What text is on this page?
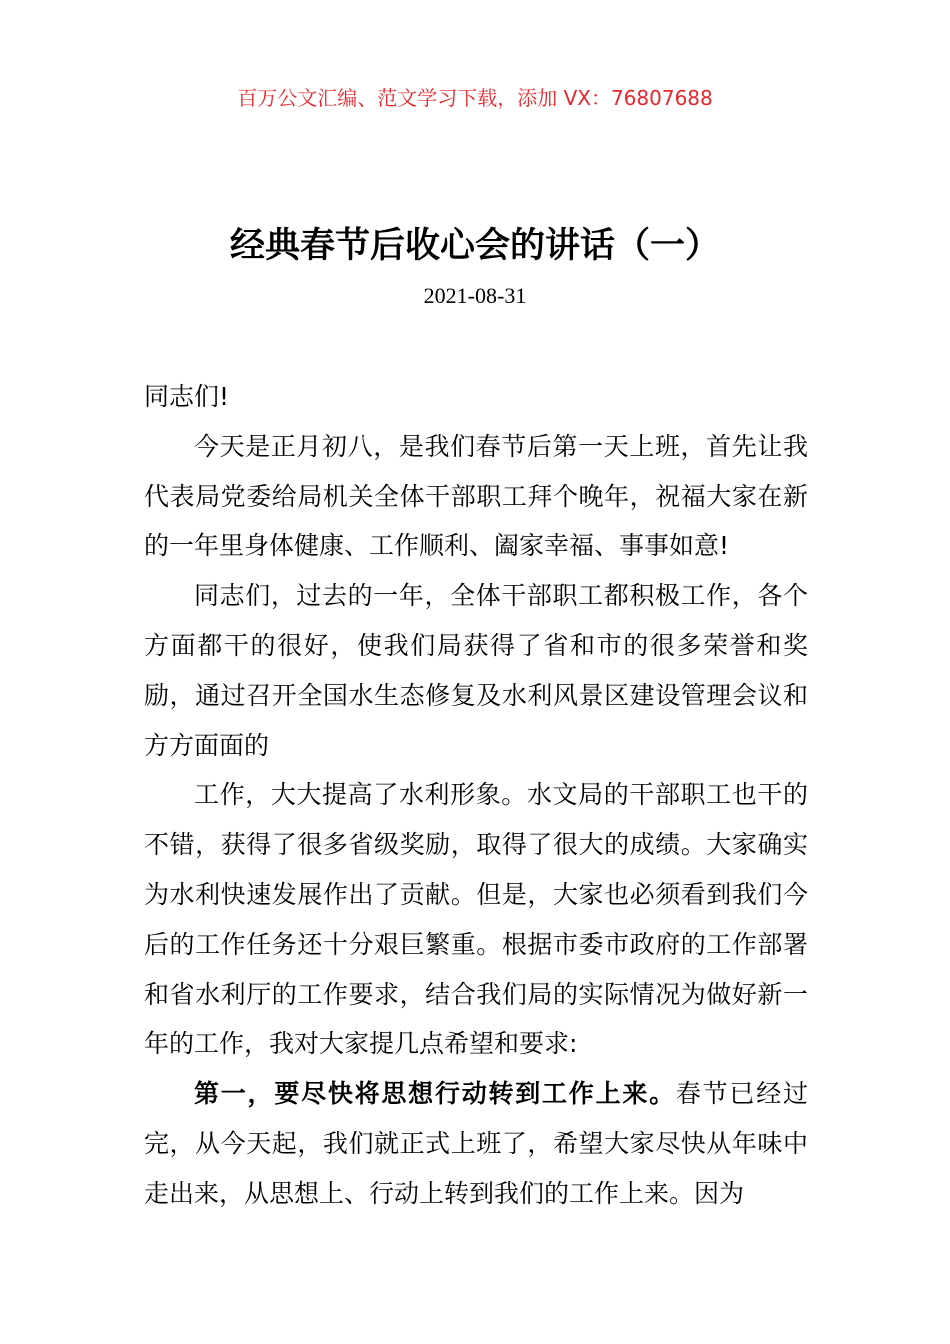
百万公文汇编、范文学习下载，添加 VX：76807688
经典春节后收心会的讲话（一）
2021-08-31

同志们!

今天是正月初八，是我们春节后第一天上班，首先让我代表局党委给局机关全体干部职工拜个晚年，祝福大家在新的一年里身体健康、工作顺利、阖家幸福、事事如意!

同志们，过去的一年，全体干部职工都积极工作，各个方面都干的很好，使我们局获得了省和市的很多荣誉和奖励，通过召开全国水生态修复及水利风景区建设管理会议和方方面面的

工作，大大提高了水利形象。水文局的干部职工也干的不错，获得了很多省级奖励，取得了很大的成绩。大家确实为水利快速发展作出了贡献。但是，大家也必须看到我们今后的工作任务还十分艰巨繁重。根据市委市政府的工作部署和省水利厅的工作要求，结合我们局的实际情况为做好新一年的工作，我对大家提几点希望和要求:

第一，要尽快将思想行动转到工作上来。春节已经过完，从今天起，我们就正式上班了，希望大家尽快从年味中走出来，从思想上、行动上转到我们的工作上来。因为
